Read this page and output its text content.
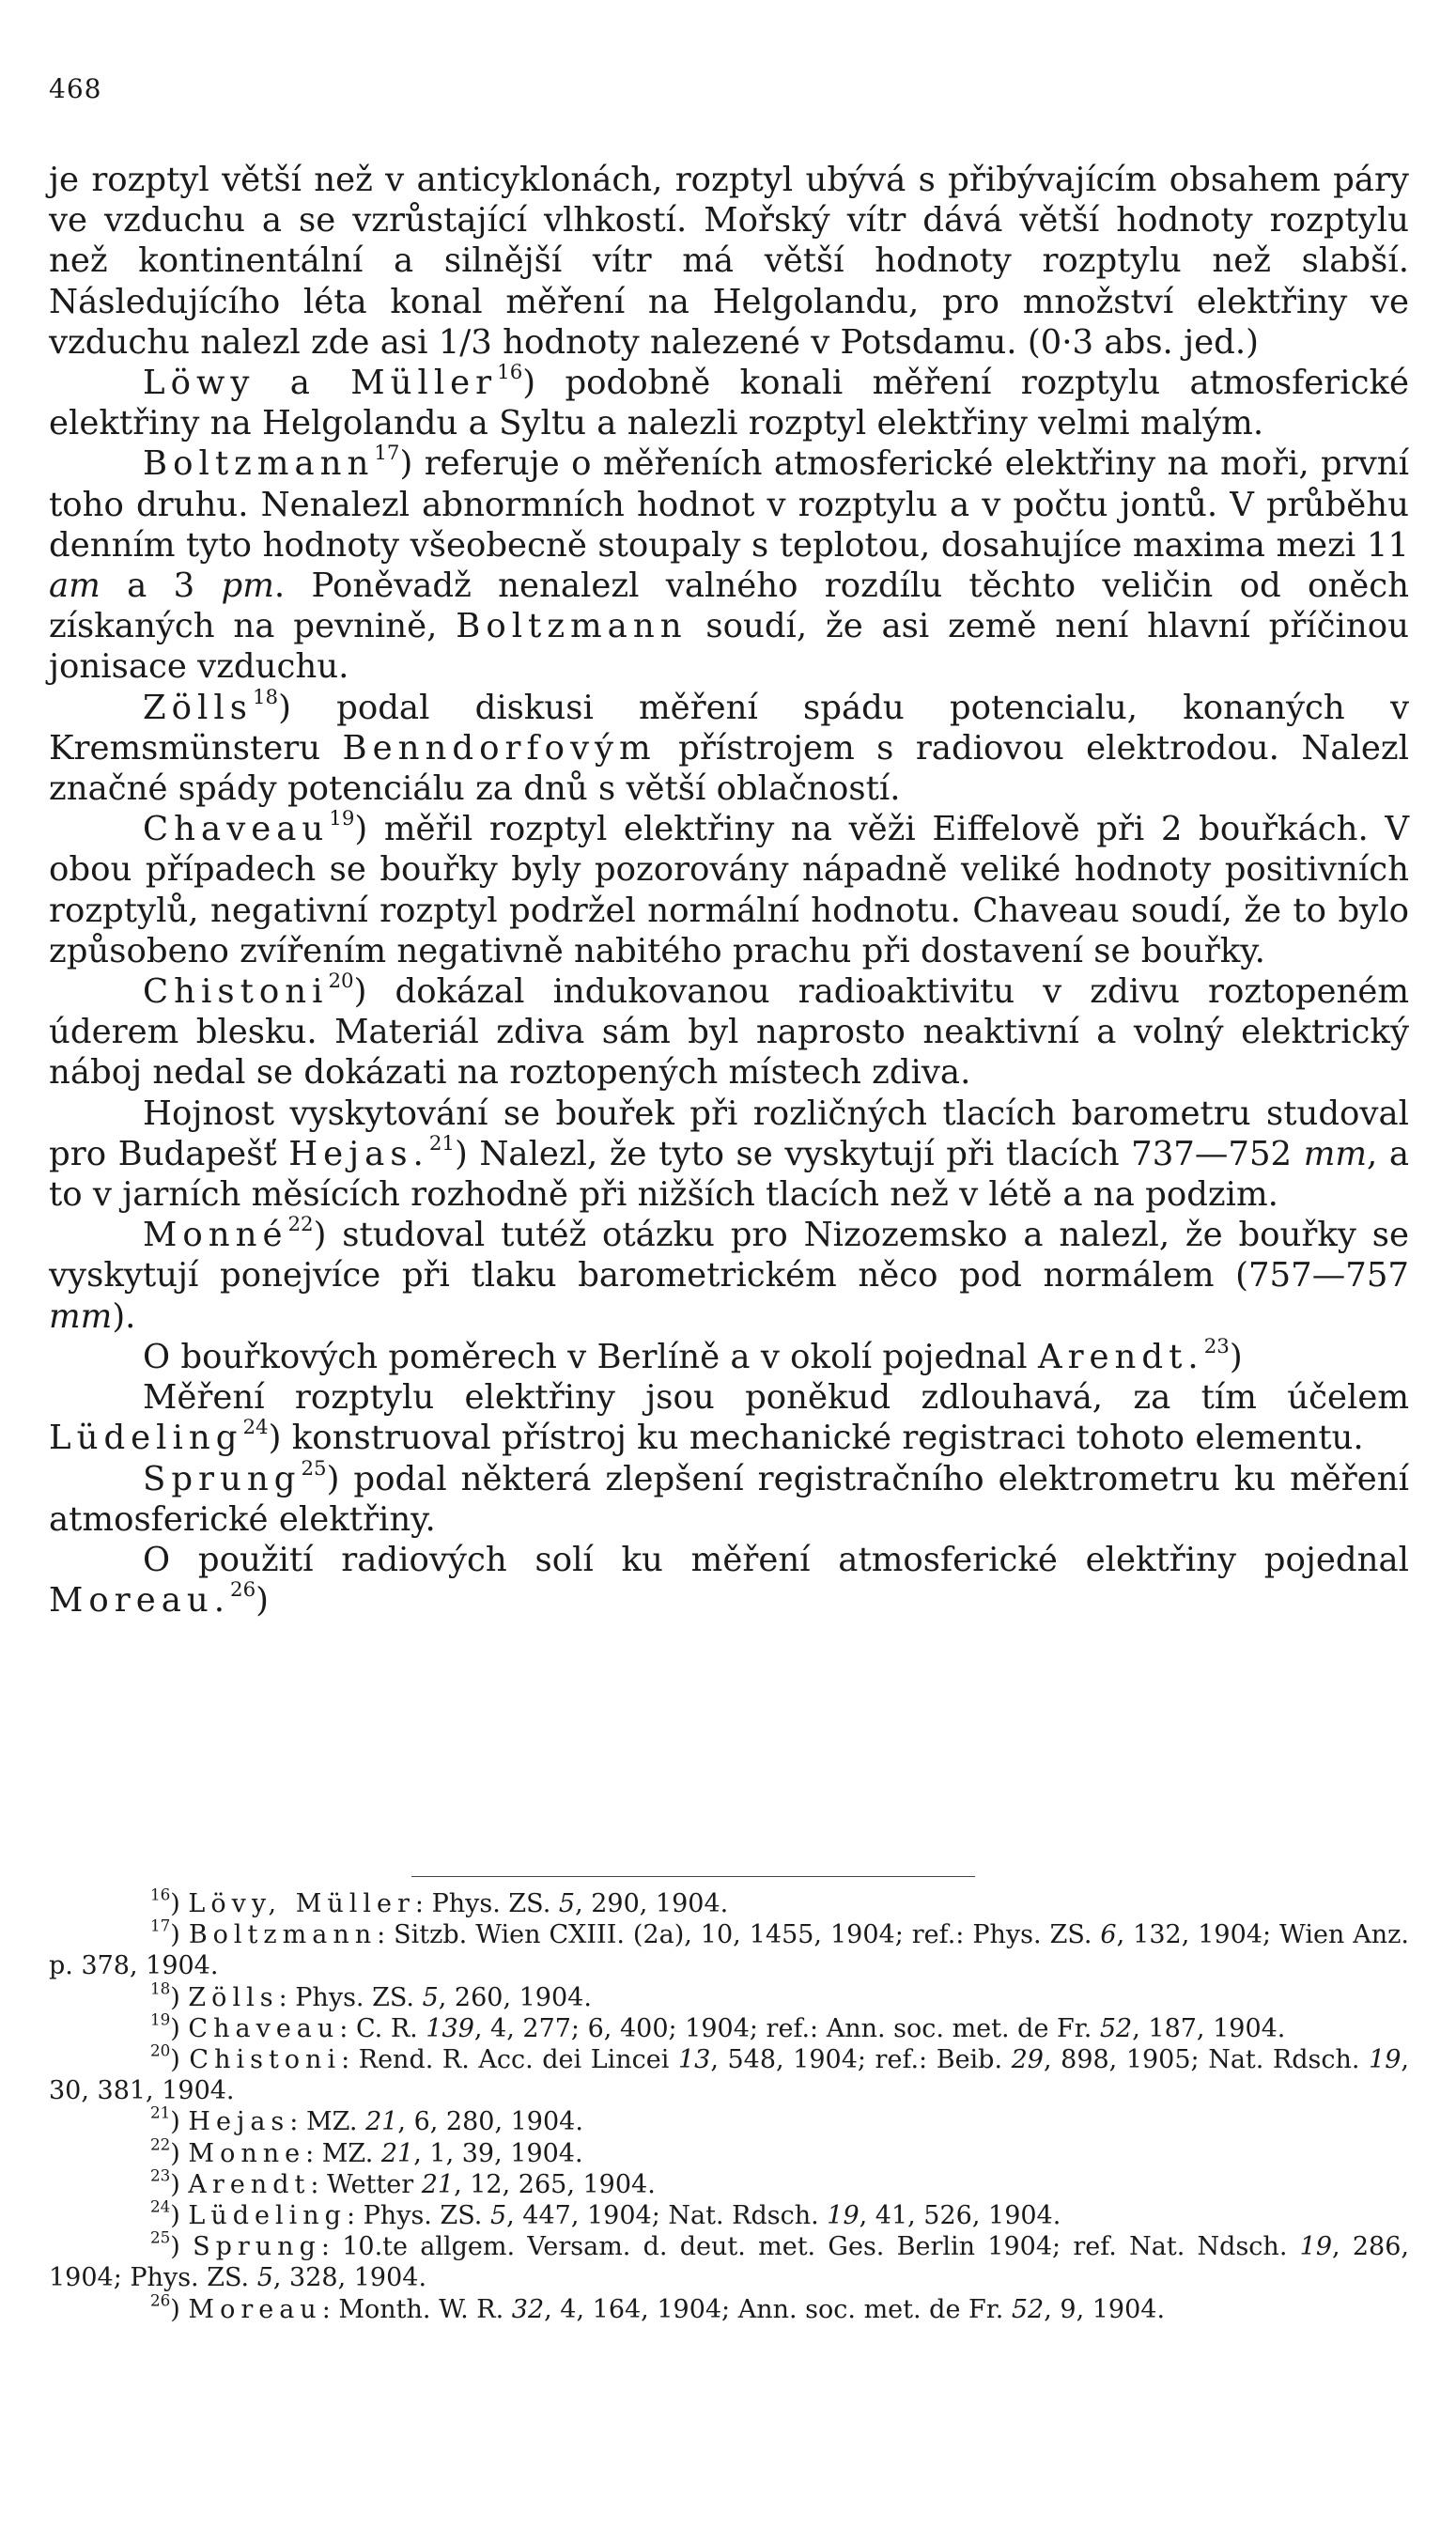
468

je rozptyl větší než v anticyklonách, rozptyl ubývá s přibývajícím obsahem páry ve vzduchu a se vzrůstající vlhkostí. Mořský vítr dává větší hodnoty rozptylu než kontinentální a silnější vítr má větší hodnoty rozptylu než slabší. Následujícího léta konal měření na Helgolandu, pro množství elektřiny ve vzduchu nalezl zde asi 1/3 hodnoty nalezené v Potsdamu. (0·3 abs. jed.)

Löwy a Müller$^{16}$) podobně konali měření rozptylu atmosferické elektřiny na Helgolandu a Syltu a nalezli rozptyl elektřiny velmi malým.

Boltzmann$^{17}$) referuje o měřeních atmosferické elektřiny na moři, první toho druhu. Nenalezl abnormních hodnot v rozptylu a v počtu jontů. V průběhu denním tyto hodnoty všeobecně stoupaly s teplotou, dosahujíce maxima mezi 11 am a 3 pm. Poněvadž nenalezl valného rozdílu těchto veličin od oněch získaných na pevnině, Boltzmann soudí, že asi země není hlavní příčinou jonisace vzduchu.

Zölls$^{18}$) podal diskusi měření spádu potencialu, konaných v Kremsmünsteru Benndorfovým přístrojem s radiovou elektrodou. Nalezl značné spády potenciálu za dnů s větší oblačností.

Chaveau$^{19}$) měřil rozptyl elektřiny na věži Eiffelově při 2 bouřkách. V obou případech se bouřky byly pozorovány nápadně veliké hodnoty positivních rozptylů, negativní rozptyl podržel normální hodnotu. Chaveau soudí, že to bylo způsobeno zvířením negativně nabitého prachu při dostavení se bouřky.

Chistoni$^{20}$) dokázal indukovanou radioaktivitu v zdivu roztopeném úderem blesku. Materiál zdiva sám byl naprosto neaktivní a volný elektrický náboj nedal se dokázati na roztopených místech zdiva.

Hojnost vyskytování se bouřek při rozličných tlacích barometru studoval pro Budapešť Hejas.$^{21}$) Nalezl, že tyto se vyskytují při tlacích 737—752 mm, a to v jarních měsících rozhodně při nižších tlacích než v létě a na podzim.

Monné$^{22}$) studoval tutéž otázku pro Nizozemsko a nalezl, že bouřky se vyskytují ponejvíce při tlaku barometrickém něco pod normálem (757—757 mm).

O bouřkových poměrech v Berlíně a v okolí pojednal Arendt.$^{23}$)

Měření rozptylu elektřiny jsou poněkud zdlouhavá, za tím účelem Lüdeling$^{24}$) konstruoval přístroj ku mechanické registraci tohoto elementu.

Sprung$^{25}$) podal některá zlepšení registračního elektrometru ku měření atmosferické elektřiny.

O použití radiových solí ku měření atmosferické elektřiny pojednal Moreau.$^{26}$)

$^{16}$) Lövy, Müller: Phys. ZS. 5, 290, 1904.

$^{17}$) Boltzmann: Sitzb. Wien CXIII. (2a), 10, 1455, 1904; ref.: Phys. ZS. 6, 132, 1904; Wien Anz. p. 378, 1904.

$^{18}$) Zölls: Phys. ZS. 5, 260, 1904.

$^{19}$) Chaveau: C. R. 139, 4, 277; 6, 400; 1904; ref.: Ann. soc. met. de Fr. 52, 187, 1904.

$^{20}$) Chistoni: Rend. R. Acc. dei Lincei 13, 548, 1904; ref.: Beib. 29, 898, 1905; Nat. Rdsch. 19, 30, 381, 1904.

$^{21}$) Hejas: MZ. 21, 6, 280, 1904.

$^{22}$) Monne: MZ. 21, 1, 39, 1904.

$^{23}$) Arendt: Wetter 21, 12, 265, 1904.

$^{24}$) Lüdeling: Phys. ZS. 5, 447, 1904; Nat. Rdsch. 19, 41, 526, 1904.

$^{25}$) Sprung: 10.te allgem. Versam. d. deut. met. Ges. Berlin 1904; ref. Nat. Ndsch. 19, 286, 1904; Phys. ZS. 5, 328, 1904.

$^{26}$) Moreau: Month. W. R. 32, 4, 164, 1904; Ann. soc. met. de Fr. 52, 9, 1904.
